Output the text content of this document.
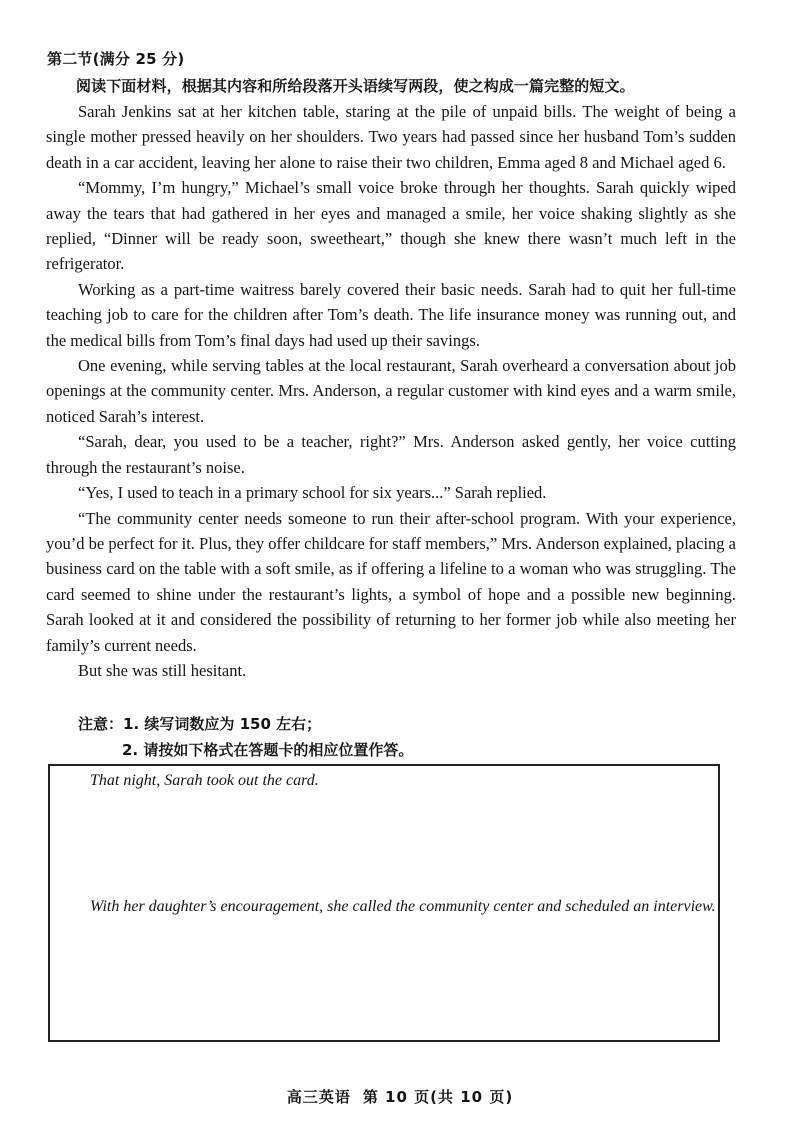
第二节(满分 25 分)
阅读下面材料，根据其内容和所给段落开头语续写两段，使之构成一篇完整的短文。

Sarah Jenkins sat at her kitchen table, staring at the pile of unpaid bills. The weight of being a single mother pressed heavily on her shoulders. Two years had passed since her husband Tom’s sudden death in a car accident, leaving her alone to raise their two children, Emma aged 8 and Michael aged 6.

“Mommy, I’m hungry,” Michael’s small voice broke through her thoughts. Sarah quickly wiped away the tears that had gathered in her eyes and managed a smile, her voice shaking slightly as she replied, “Dinner will be ready soon, sweetheart,” though she knew there wasn’t much left in the refrigerator.

Working as a part-time waitress barely covered their basic needs. Sarah had to quit her full-time teaching job to care for the children after Tom’s death. The life insurance money was running out, and the medical bills from Tom’s final days had used up their savings.

One evening, while serving tables at the local restaurant, Sarah overheard a conversation about job openings at the community center. Mrs. Anderson, a regular customer with kind eyes and a warm smile, noticed Sarah’s interest.

“Sarah, dear, you used to be a teacher, right?” Mrs. Anderson asked gently, her voice cutting through the restaurant’s noise.

“Yes, I used to teach in a primary school for six years...” Sarah replied.

“The community center needs someone to run their after-school program. With your experience, you’d be perfect for it. Plus, they offer childcare for staff members,” Mrs. Anderson explained, placing a business card on the table with a soft smile, as if offering a lifeline to a woman who was struggling. The card seemed to shine under the restaurant’s lights, a symbol of hope and a possible new beginning. Sarah looked at it and considered the possibility of returning to her former job while also meeting her family’s current needs.

But she was still hesitant.

注意：1. 续写词数应为 150 左右；
2. 请按如下格式在答题卡的相应位置作答。
That night, Sarah took out the card.
With her daughter’s encouragement, she called the community center and scheduled an interview.
高三英语 第 10 页(共 10 页)
